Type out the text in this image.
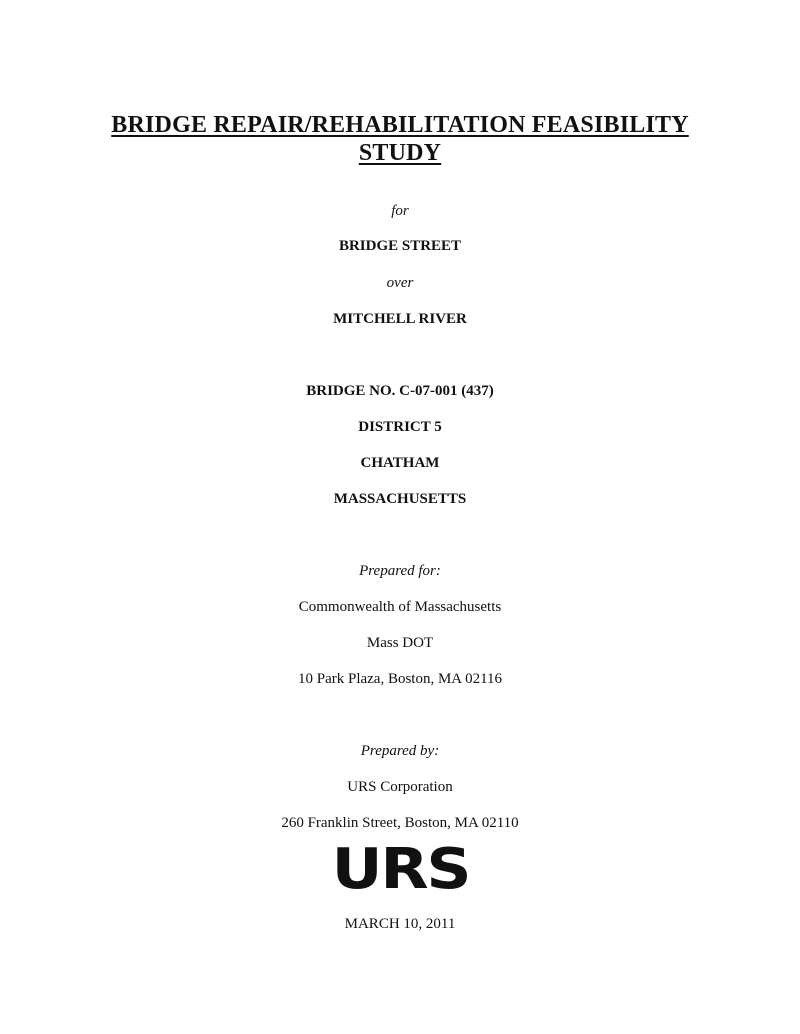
BRIDGE REPAIR/REHABILITATION FEASIBILITY
STUDY
for
BRIDGE STREET
over
MITCHELL RIVER
BRIDGE NO. C-07-001 (437)
DISTRICT 5
CHATHAM
MASSACHUSETTS
Prepared for:
Commonwealth of Massachusetts
Mass DOT
10 Park Plaza, Boston, MA 02116
Prepared by:
URS Corporation
260 Franklin Street, Boston, MA 02110
URS
MARCH 10, 2011
